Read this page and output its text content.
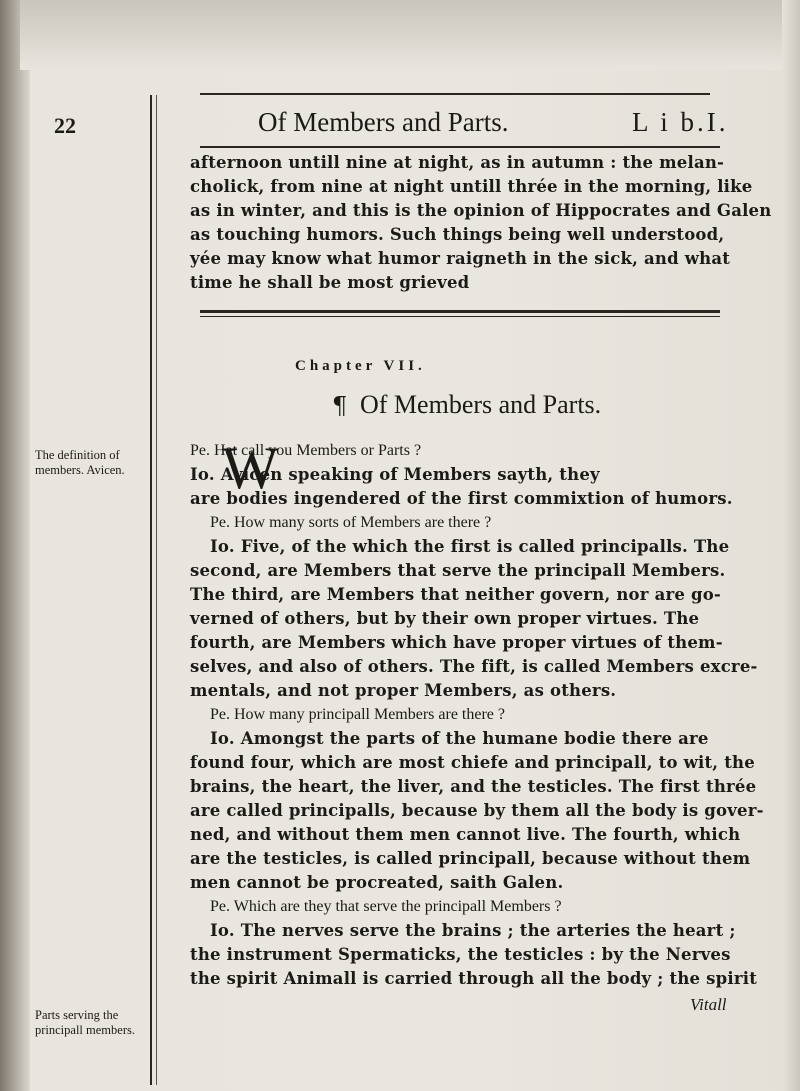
22	Of Members and Parts.	L i b.I.
afternoon untill nine at night, as in autumn : the melan-
cholick, from nine at night untill thrée in the morning, like
as in winter, and this is the opinion of Hippocrates and Galen
as touching humors. Such things being well understood,
yée may know what humor raigneth in the sick, and what
time he shall be most grieved
Chapter VII.
¶ Of Members and Parts.
The definition of members. Avicen.
Parts serving the principall members.
W
Pe. Hat call you Members or Parts ?
Io. Avicen speaking of Members sayth, they
are bodies ingendered of the first commixtion of humors.
Pe. How many sorts of Members are there ?
Io. Five, of the which the first is called principalls. The
second, are Members that serve the principall Members.
The third, are Members that neither govern, nor are go-
verned of others, but by their own proper virtues. The
fourth, are Members which have proper virtues of them-
selves, and also of others. The fift, is called Members excre-
mentals, and not proper Members, as others.
Pe. How many principall Members are there ?
Io. Amongst the parts of the humane bodie there are
found four, which are most chiefe and principall, to wit, the
brains, the heart, the liver, and the testicles. The first thrée
are called principalls, because by them all the body is gover-
ned, and without them men cannot live. The fourth, which
are the testicles, is called principall, because without them
men cannot be procreated, saith Galen.
Pe. Which are they that serve the principall Members ?
Io. The nerves serve the brains ; the arteries the heart ;
the instrument Spermaticks, the testicles : by the Nerves
the spirit Animall is carried through all the body ; the spirit
Vitall
